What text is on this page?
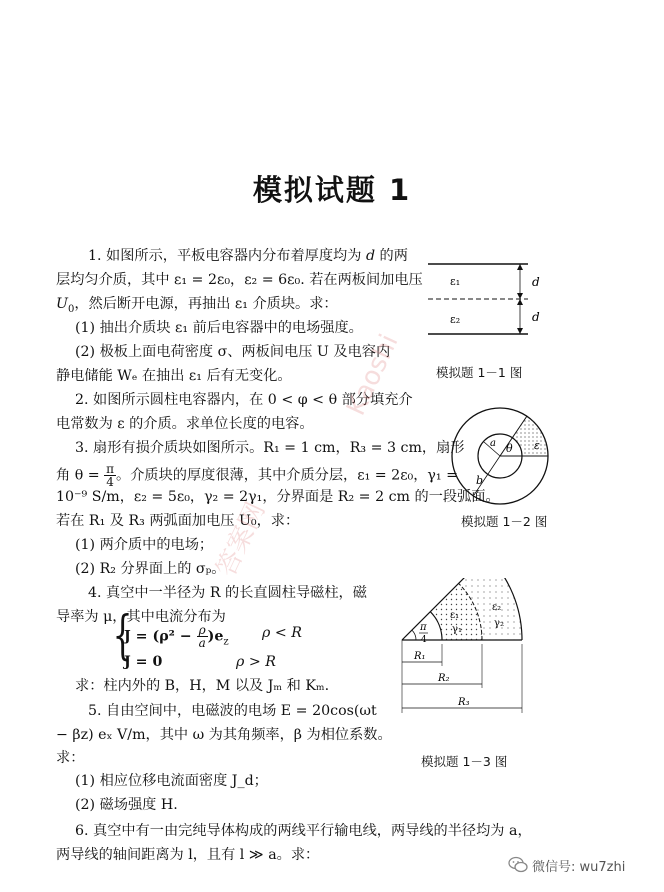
模拟试题 1
1. 如图所示，平板电容器内分布着厚度均为 d 的两
层均匀介质，其中 ε₁ = 2ε₀，ε₂ = 6ε₀. 若在两板间加电压
$U_0$，然后断开电源，再抽出 ε₁ 介质块。求：
(1) 抽出介质块 ε₁ 前后电容器中的电场强度。
(2) 极板上面电荷密度 σ、两板间电压 U 及电容内
静电储能 Wₑ 在抽出 ε₁ 后有无变化。
2. 如图所示圆柱电容器内，在 0 < φ < θ 部分填充介
电常数为 ε 的介质。求单位长度的电容。
3. 扇形有损介质块如图所示。R₁ = 1 cm，R₃ = 3 cm，扇形
角 $\theta = \frac{\pi}{4}$ 。介质块的厚度很薄，其中介质分层，ε₁ = 2ε₀，γ₁ =
10⁻⁹ S/m，ε₂ = 5ε₀，γ₂ = 2γ₁，分界面是 R₂ = 2 cm 的一段弧面。
若在 R₁ 及 R₃ 两弧面加电压 U₀，求：
(1) 两介质中的电场；
(2) R₂ 分界面上的 σₚ。
4. 真空中一半径为 R 的长直圆柱导磁柱，磁
导率为 μ，其中电流分布为
{
$J = (\rho^2 - \frac{\rho}{a} )e_z$
ρ < R
J = 0	ρ > R
求：柱内外的 B，H，M 以及 Jₘ 和 Kₘ.
5. 自由空间中，电磁波的电场 E = 20cos(ωt
− βz) eₓ V/m，其中 ω 为其角频率，β 为相位系数。
求：
(1) 相应位移电流面密度 J_d；
(2) 磁场强度 H.
6. 真空中有一由完纯导体构成的两线平行输电线，两导线的半径均为 a，
两导线的轴间距离为 l，且有 l ≫ a。求：
ε₁
ε₂
d
d
模拟题 1－1 图
θ ε
a
b
模拟题 1－2 图
π
4
ε₁
γ₁
ε₂
γ₂
R₁
R₂
R₃
模拟题 1－3 图
答案网
Kaoshi
微信号: wu7zhi
